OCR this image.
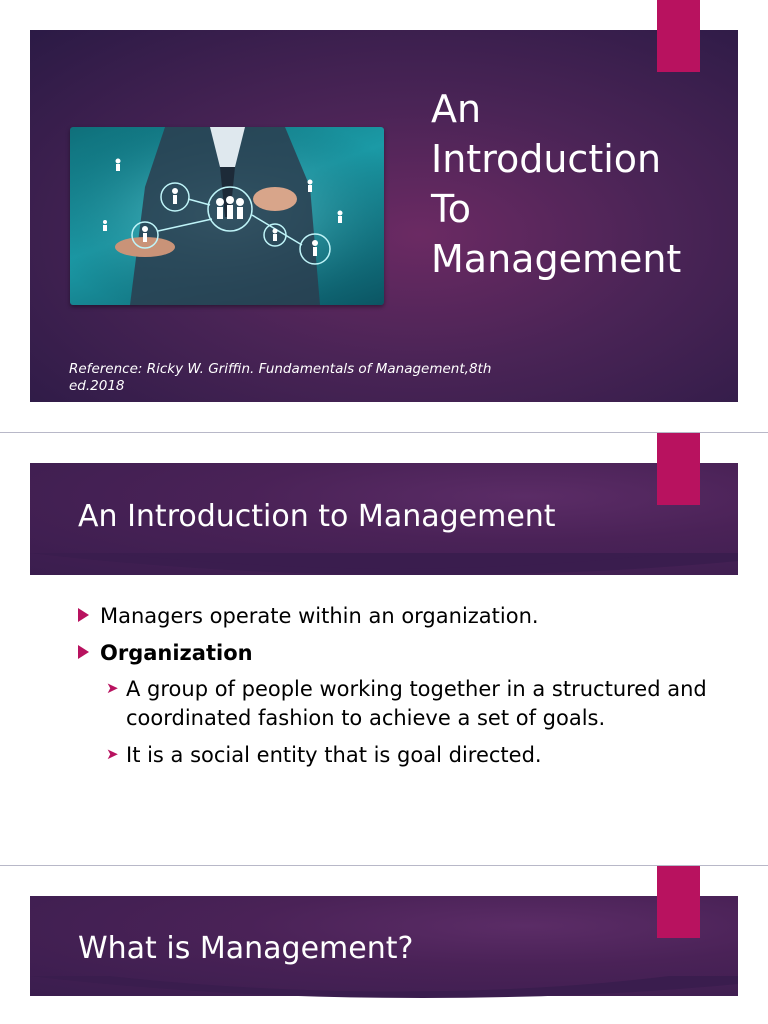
An
Introduction
To
Management
Reference: Ricky W. Griffin. Fundamentals of Management,8th ed.2018
An Introduction to Management
Managers operate within an organization.
Organization
➤ A group of people working together in a structured and coordinated fashion to achieve a set of goals.
➤ It is a social entity that is goal directed.
What is Management?
